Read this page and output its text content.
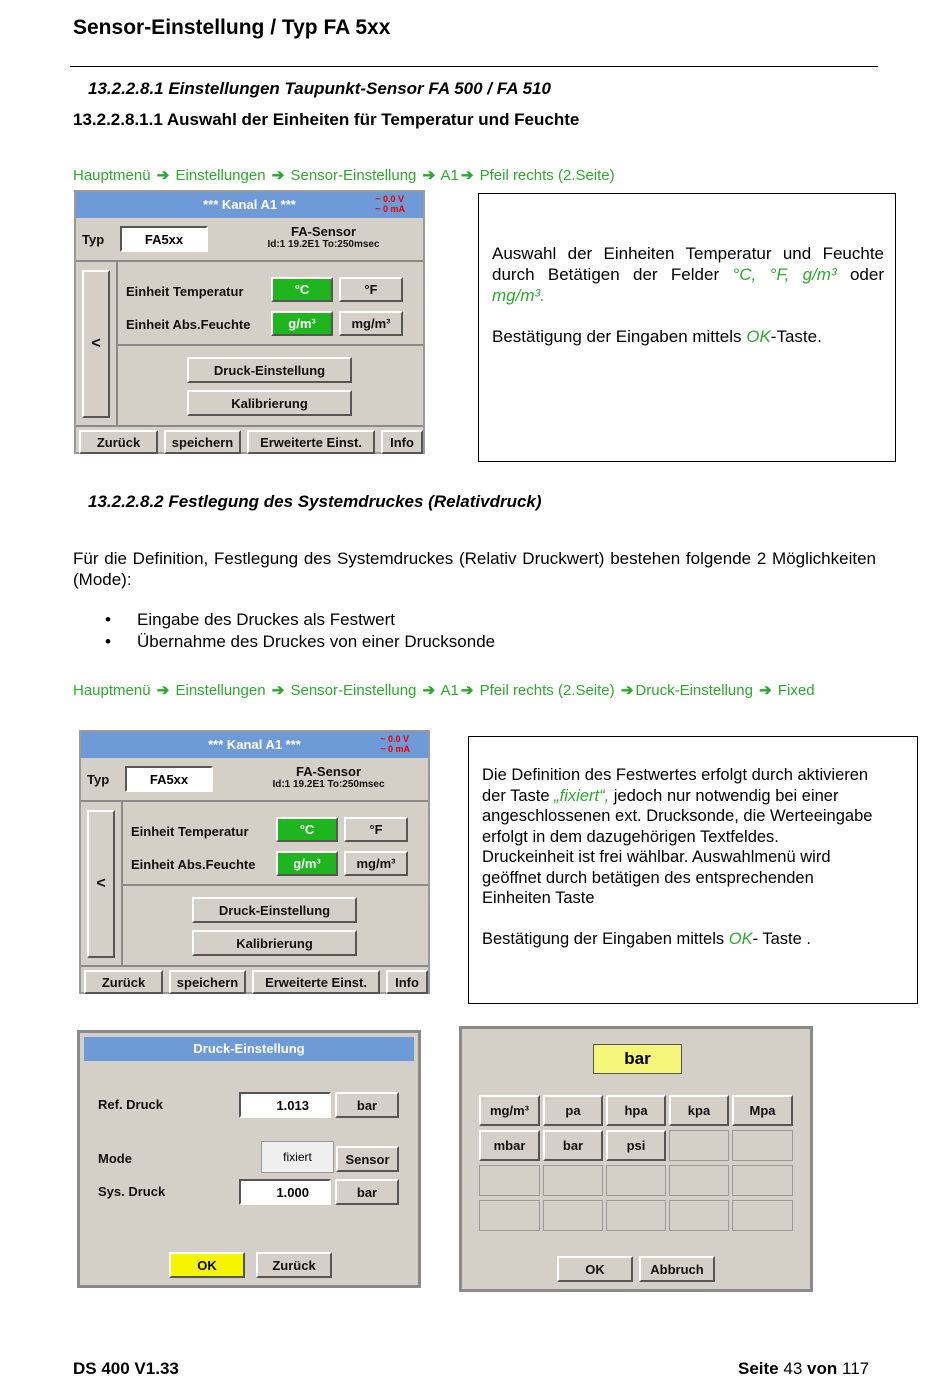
Sensor-Einstellung / Typ FA 5xx
13.2.2.8.1 Einstellungen Taupunkt-Sensor FA 500 / FA 510
13.2.2.8.1.1 Auswahl der Einheiten für Temperatur und Feuchte
Hauptmenü ➔ Einstellungen ➔ Sensor-Einstellung ➔ A1 ➔ Pfeil rechts (2.Seite)
*** Kanal A1 ***	~ 0.0 V
~ 0 mA
Typ	FA5xx	FA-Sensor
Id:1 19.2E1 To:250msec
<
Einheit Temperatur	°C	°F
Einheit Abs.Feuchte	g/m³	mg/m³
Druck-Einstellung
Kalibrierung
Zurück	speichern	Erweiterte Einst.	Info
Auswahl der Einheiten Temperatur und Feuchte
durch Betätigen der Felder °C, °F, g/m³ oder
mg/m³.
Bestätigung der Eingaben mittels OK-Taste.
13.2.2.8.2 Festlegung des Systemdruckes (Relativdruck)
Für die Definition, Festlegung des Systemdruckes (Relativ Druckwert) bestehen folgende 2 Möglichkeiten (Mode):
• Eingabe des Druckes als Festwert
• Übernahme des Druckes von einer Drucksonde
Hauptmenü ➔ Einstellungen ➔ Sensor-Einstellung ➔ A1 ➔ Pfeil rechts (2.Seite) ➔ Druck-Einstellung ➔ Fixed
*** Kanal A1 ***	~ 0.0 V
~ 0 mA
Typ	FA5xx	FA-Sensor
Id:1 19.2E1 To:250msec
<
Einheit Temperatur	°C	°F
Einheit Abs.Feuchte	g/m³	mg/m³
Druck-Einstellung
Kalibrierung
Zurück	speichern	Erweiterte Einst.	Info
Die Definition des Festwertes erfolgt durch aktivieren
der Taste „fixiert“, jedoch nur notwendig bei einer
angeschlossenen ext. Drucksonde, die Werteeingabe
erfolgt in dem dazugehörigen Textfeldes.
Druckeinheit ist frei wählbar. Auswahlmenü wird
geöffnet durch betätigen des entsprechenden
Einheiten Taste
Bestätigung der Eingaben mittels OK- Taste .
Druck-Einstellung
Ref. Druck	1.013	bar
Mode	fixiert	Sensor
Sys. Druck	1.000	bar
OK	Zurück
bar
mg/m³	pa	hpa	kpa	Mpa
mbar	bar	psi
OK	Abbruch
DS 400 V1.33	Seite 43 von 117
